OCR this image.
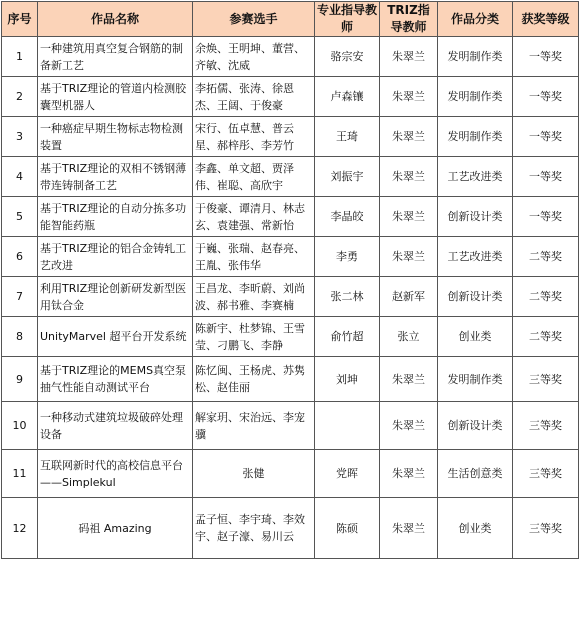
序号	作品名称	参赛选手	专业指导教师	TRIZ指导教师	作品分类	获奖等级
1	一种建筑用真空复合钢筋的制备新工艺	余焕、王明坤、董营、齐敏、沈威	骆宗安	朱翠兰	发明制作类	一等奖
2	基于TRIZ理论的管道内检测胶囊型机器人	李拓儒、张涛、徐恩杰、王阔、于俊豪	卢森镶	朱翠兰	发明制作类	一等奖
3	一种癌症早期生物标志物检测装置	宋行、伍卓慧、普云星、郝梓彤、李芳竹	王琦	朱翠兰	发明制作类	一等奖
4	基于TRIZ理论的双相不锈钢薄带连铸制备工艺	李鑫、单文超、贾泽伟、崔聪、高欣宇	刘振宇	朱翠兰	工艺改进类	一等奖
5	基于TRIZ理论的自动分拣多功能智能药瓶	于俊豪、谭清月、林志玄、袁建强、常新怡	李晶皎	朱翠兰	创新设计类	一等奖
6	基于TRIZ理论的铝合金铸轧工艺改进	于巍、张瑞、赵春亮、王胤、张伟华	李勇	朱翠兰	工艺改进类	二等奖
7	利用TRIZ理论创新研发新型医用钛合金	王昌龙、李昕蔚、刘尚波、郝书雅、李赛楠	张二林	赵新军	创新设计类	二等奖
8	UnityMarvel 超平台开发系统	陈新宇、杜梦锦、王雪莹、刁鹏飞、李静	俞竹超	张立	创业类	二等奖
9	基于TRIZ理论的MEMS真空泵抽气性能自动测试平台	陈忆闽、王杨虎、苏隽松、赵佳丽	刘坤	朱翠兰	发明制作类	三等奖
10	一种移动式建筑垃圾破碎处理设备	解家玥、宋治远、李宠骥		朱翠兰	创新设计类	三等奖
11	互联网新时代的高校信息平台——Simplekul	张健	党晖	朱翠兰	生活创意类	三等奖
12	码祖 Amazing	孟子恒、李宇琦、李效宇、赵子濠、易川云	陈硕	朱翠兰	创业类	三等奖
